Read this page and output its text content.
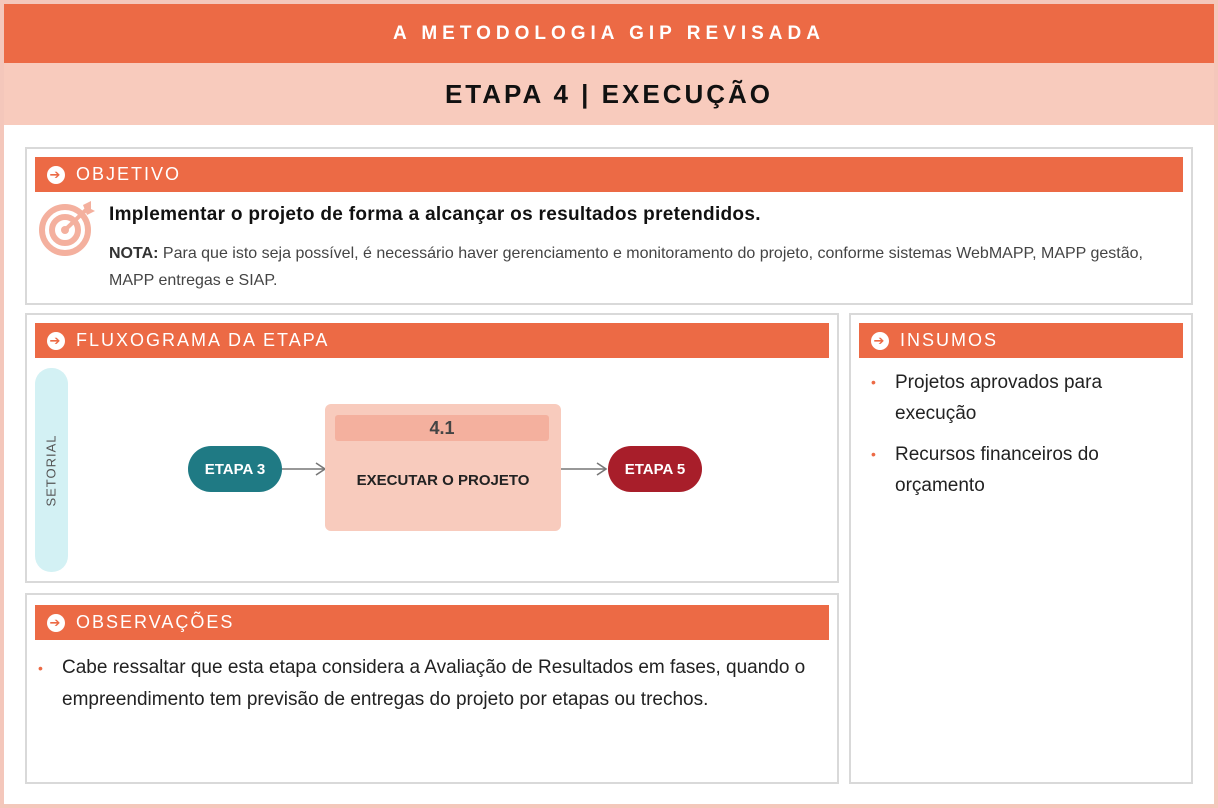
A METODOLOGIA GIP REVISADA
ETAPA 4 | EXECUÇÃO
➔ OBJETIVO
Implementar o projeto de forma a alcançar os resultados pretendidos.
NOTA: Para que isto seja possível, é necessário haver gerenciamento e monitoramento do projeto, conforme sistemas WebMAPP, MAPP gestão, MAPP entregas e SIAP.
➔ FLUXOGRAMA DA ETAPA
SETORIAL	ETAPA 3
4.1
EXECUTAR O PROJETO
ETAPA 5
➔ INSUMOS
• Projetos aprovados para execução
• Recursos financeiros do orçamento
➔ OBSERVAÇÕES
• Cabe ressaltar que esta etapa considera a Avaliação de Resultados em fases, quando o empreendimento tem previsão de entregas do projeto por etapas ou trechos.
